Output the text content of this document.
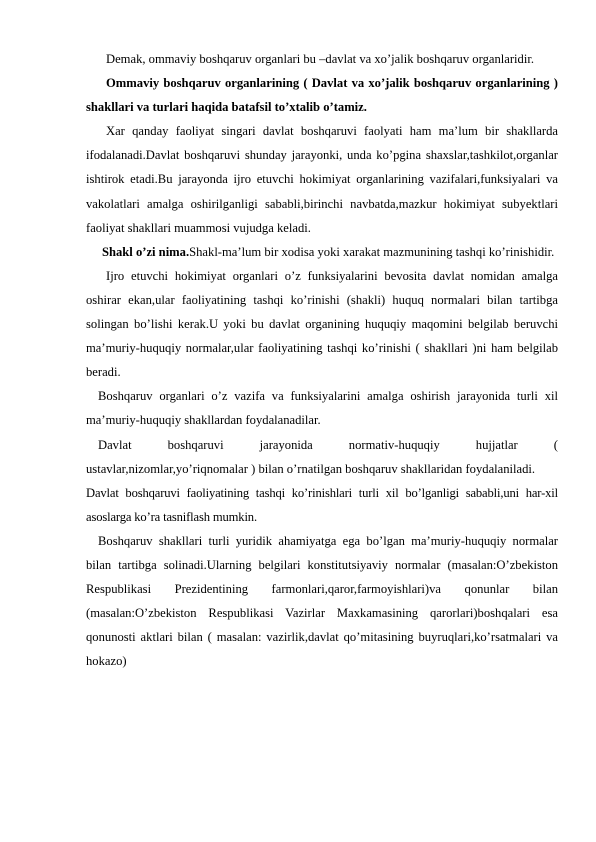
Demak, ommaviy boshqaruv organlari bu –davlat va xo’jalik boshqaruv organlaridir.

Ommaviy boshqaruv organlarining ( Davlat va xo’jalik boshqaruv organlarining ) shakllari va turlari haqida batafsil to’xtalib o’tamiz.

Xar qanday faoliyat singari davlat boshqaruvi faolyati ham ma’lum bir shakllarda ifodalanadi.Davlat boshqaruvi shunday jarayonki, unda ko’pgina shaxslar,tashkilot,organlar ishtirok etadi.Bu jarayonda ijro etuvchi hokimiyat organlarining vazifalari,funksiyalari va vakolatlari amalga oshirilganligi sababli,birinchi navbatda,mazkur hokimiyat subyektlari faoliyat shakllari muammosi vujudga keladi.

Shakl o’zi nima.Shakl-ma’lum bir xodisa yoki xarakat mazmunining tashqi ko’rinishidir.

Ijro etuvchi hokimiyat organlari o’z funksiyalarini bevosita davlat nomidan amalga oshirar ekan,ular faoliyatining tashqi ko’rinishi (shakli) huquq normalari bilan tartibga solingan bo’lishi kerak.U yoki bu davlat organining huquqiy maqomini belgilab beruvchi ma’muriy-huquqiy normalar,ular faoliyatining tashqi ko’rinishi ( shakllari )ni ham belgilab beradi.

Boshqaruv organlari o’z vazifa va funksiyalarini amalga oshirish jarayonida turli xil ma’muriy-huquqiy shakllardan foydalanadilar.

Davlat boshqaruvi jarayonida normativ-huquqiy hujjatlar ( ustavlar,nizomlar,yo’riqnomalar ) bilan o’rnatilgan boshqaruv shakllaridan foydalaniladi.

Davlat boshqaruvi faoliyatining tashqi ko’rinishlari turli xil bo’lganligi sababli,uni har-xil asoslarga ko’ra tasniflash mumkin.

Boshqaruv shakllari turli yuridik ahamiyatga ega bo’lgan ma’muriy-huquqiy normalar bilan tartibga solinadi.Ularning belgilari konstitutsiyaviy normalar (masalan:O’zbekiston Respublikasi Prezidentining farmonlari,qaror,farmoyishlari)va qonunlar bilan (masalan:O’zbekiston Respublikasi Vazirlar Maxkamasining qarorlari)boshqalari esa qonunosti aktlari bilan ( masalan: vazirlik,davlat qo’mitasining buyruqlari,ko’rsatmalari va hokazo)
